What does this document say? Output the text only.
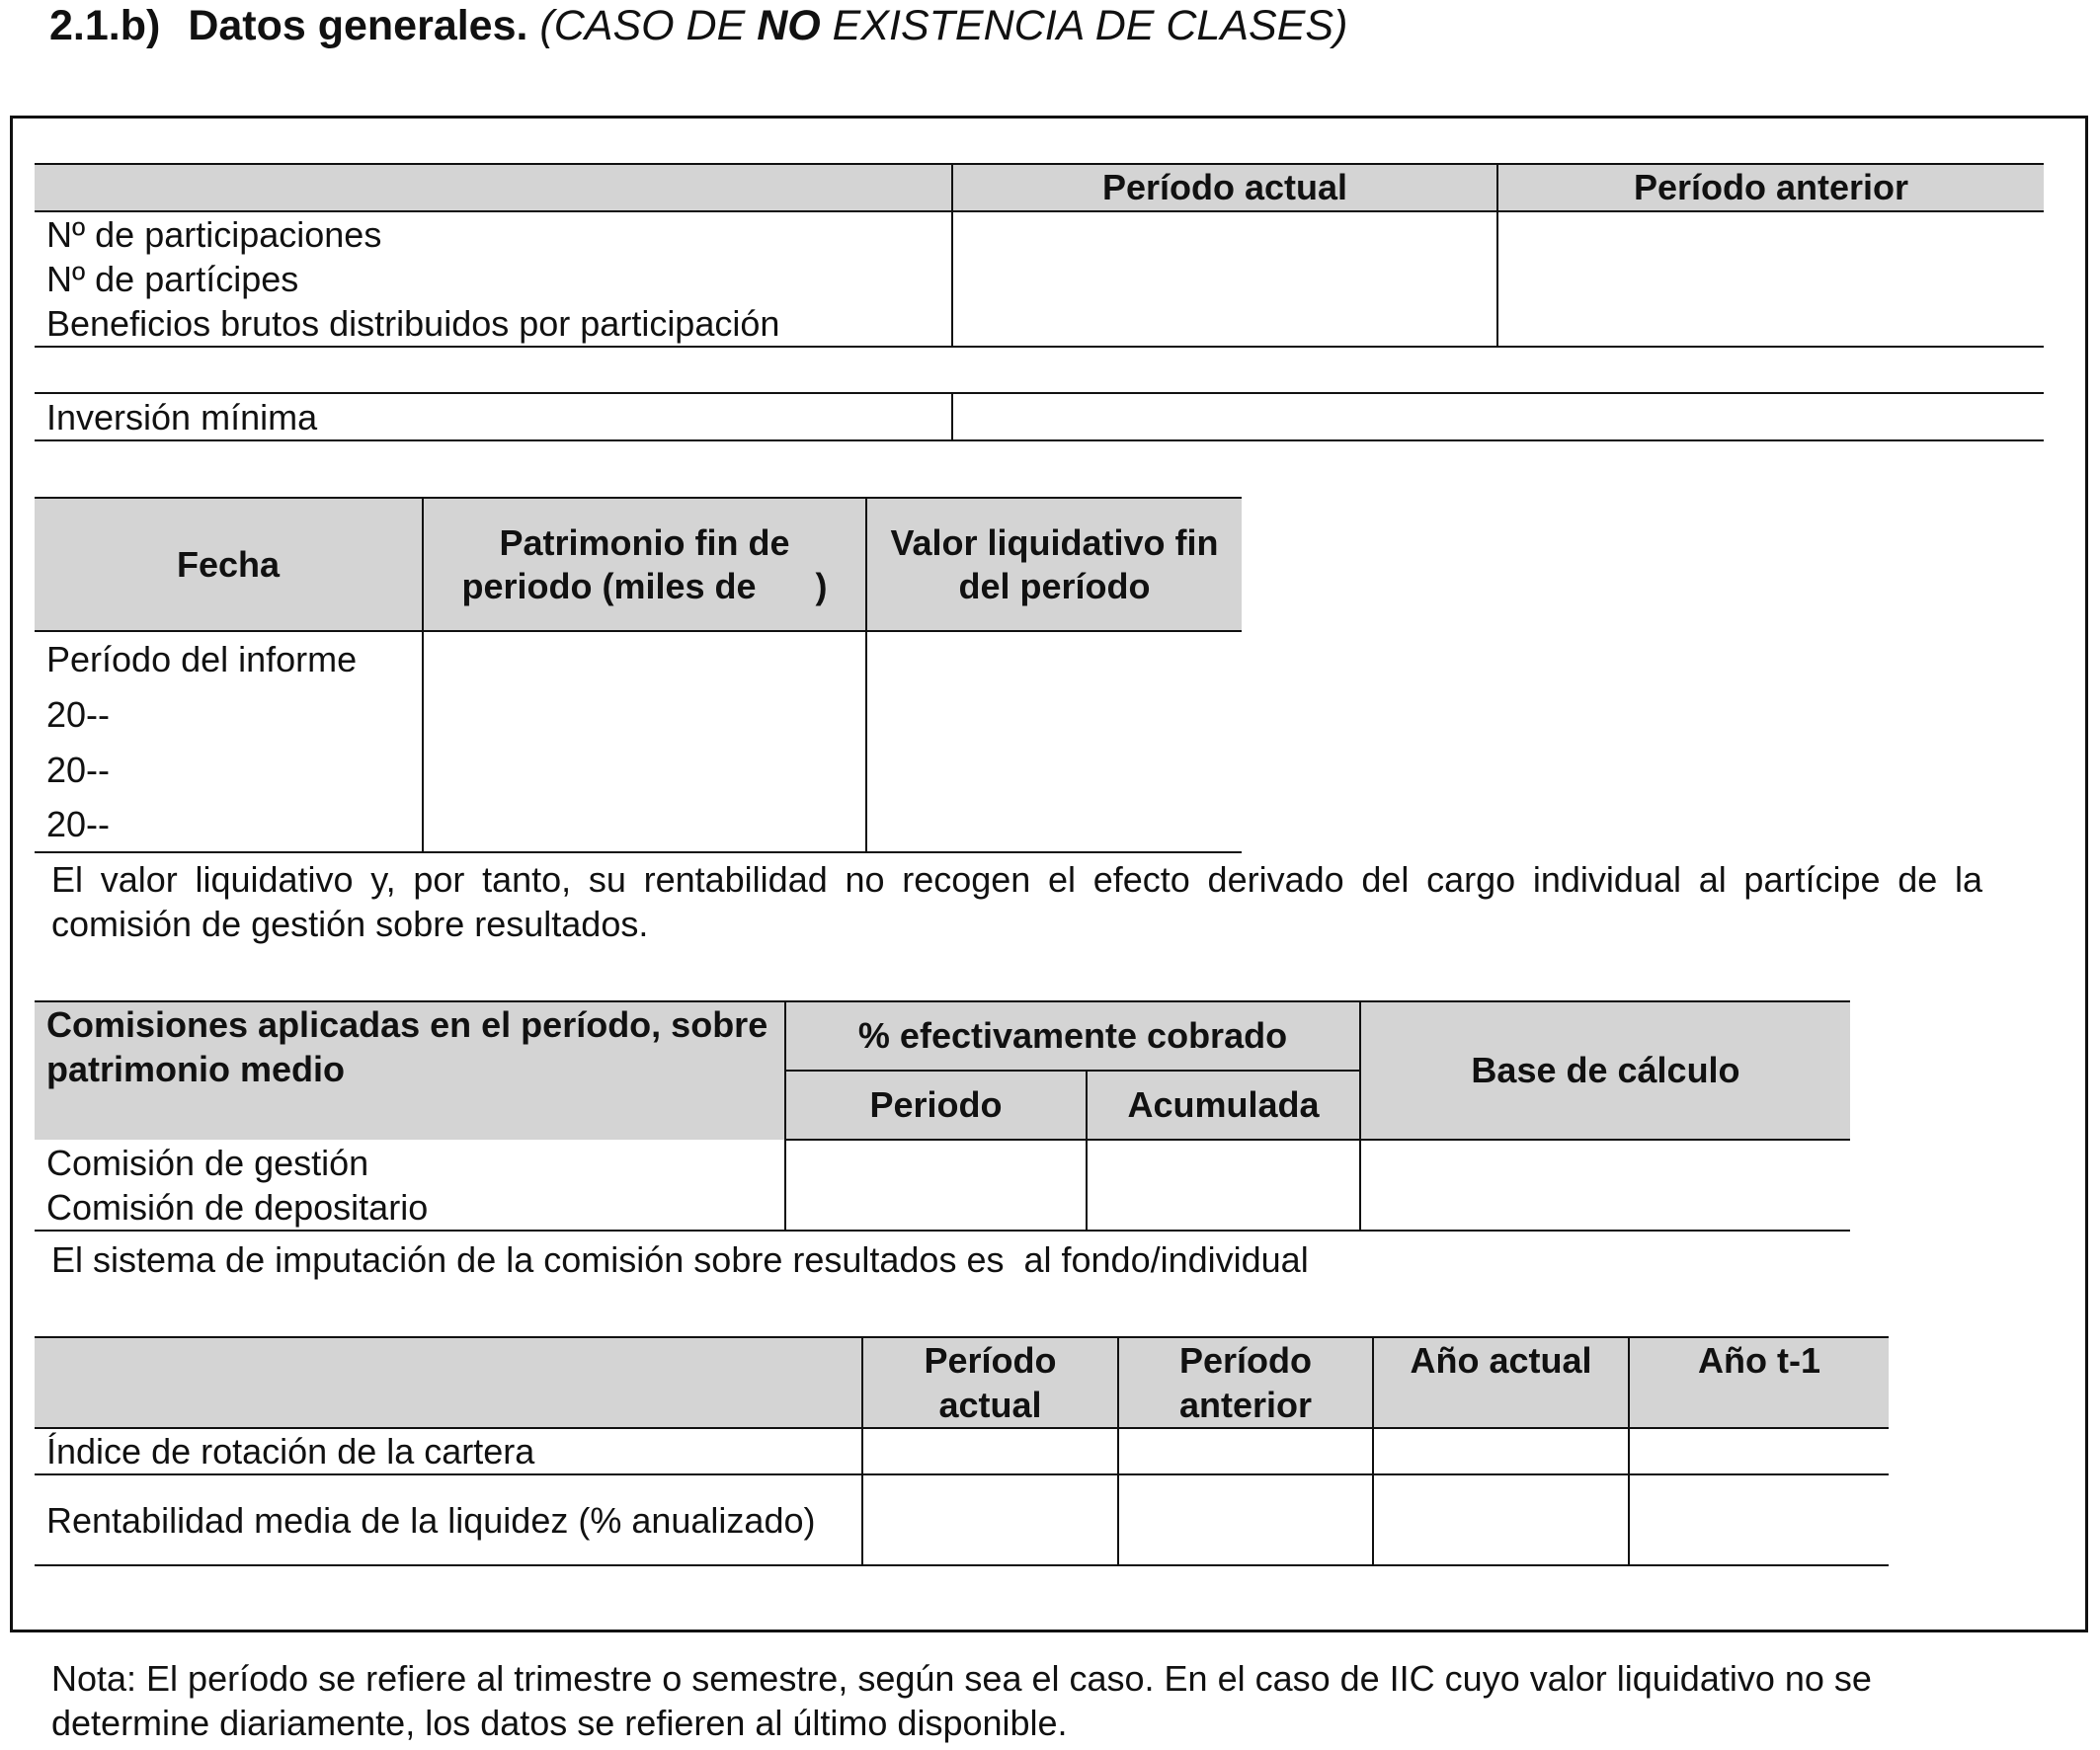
2.1.b) Datos generales. (CASO DE NO EXISTENCIA DE CLASES)
	Período actual	Período anterior

Nº de participaciones
Nº de partícipes
Beneficios brutos distribuidos por participación		

Inversión mínima	
Fecha	Patrimonio fin de periodo (miles de      )	Valor liquidativo fin del período
Período del informe		
20--		
20--		
20--		
El valor liquidativo y, por tanto, su rentabilidad no recogen el efecto derivado del cargo individual al partícipe de la comisión de gestión sobre resultados.
Comisiones aplicadas en el período, sobre patrimonio medio	% efectivamente cobrado		Base de cálculo
	Periodo	Acumulada	

Comisión de gestión
Comisión de depositario			

El sistema de imputación de la comisión sobre resultados es  al fondo/individual
	Período actual	Período anterior	Año actual	Año t-1
Índice de rotación de la cartera				
Rentabilidad media de la liquidez (% anualizado)				
Nota: El período se refiere al trimestre o semestre, según sea el caso. En el caso de IIC cuyo valor liquidativo no se determine diariamente, los datos se refieren al último disponible.
